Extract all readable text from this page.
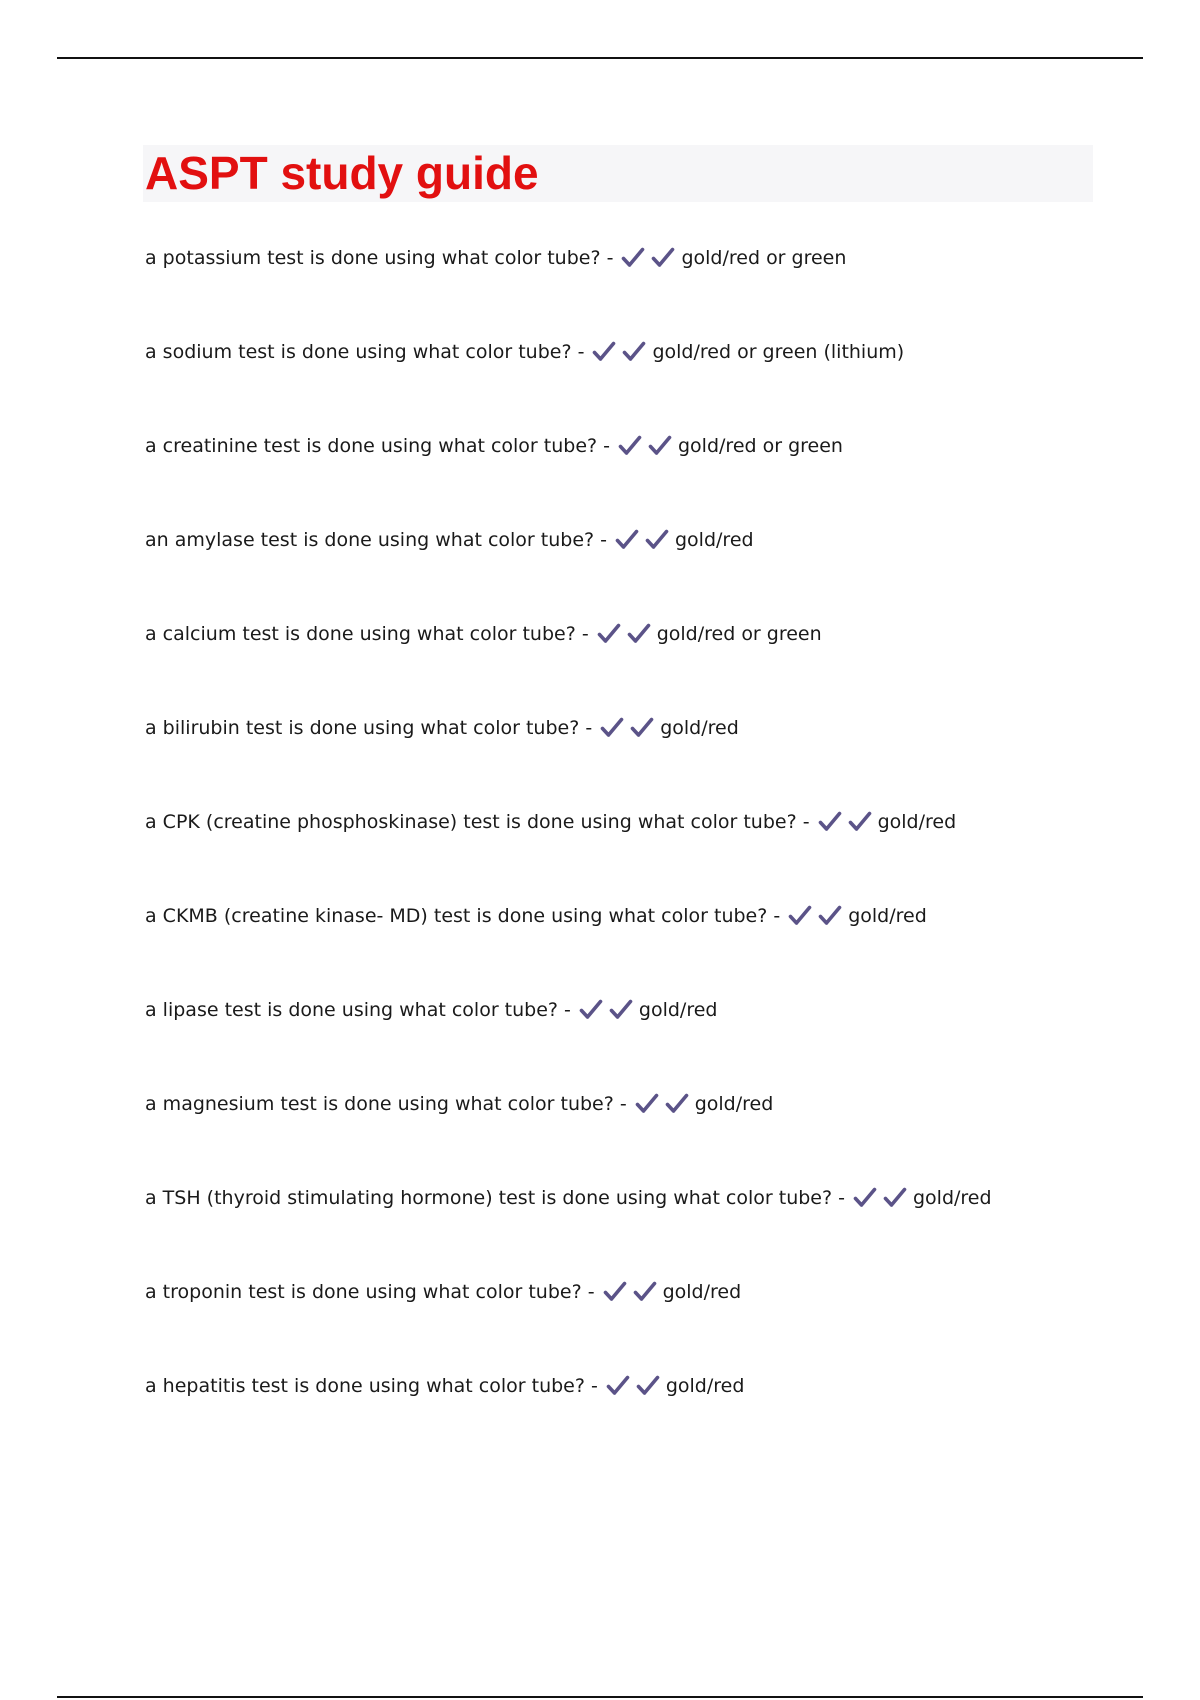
ASPT study guide
a potassium test is done using what color tube? -	gold/red or green
a sodium test is done using what color tube? -	gold/red or green (lithium)
a creatinine test is done using what color tube? -	gold/red or green
an amylase test is done using what color tube? -	gold/red
a calcium test is done using what color tube? -	gold/red or green
a bilirubin test is done using what color tube? -	gold/red
a CPK (creatine phosphoskinase) test is done using what color tube? -	gold/red
a CKMB (creatine kinase- MD) test is done using what color tube? -	gold/red
a lipase test is done using what color tube? -	gold/red
a magnesium test is done using what color tube? -	gold/red
a TSH (thyroid stimulating hormone) test is done using what color tube? -	gold/red
a troponin test is done using what color tube? -	gold/red
a hepatitis test is done using what color tube? -	gold/red
